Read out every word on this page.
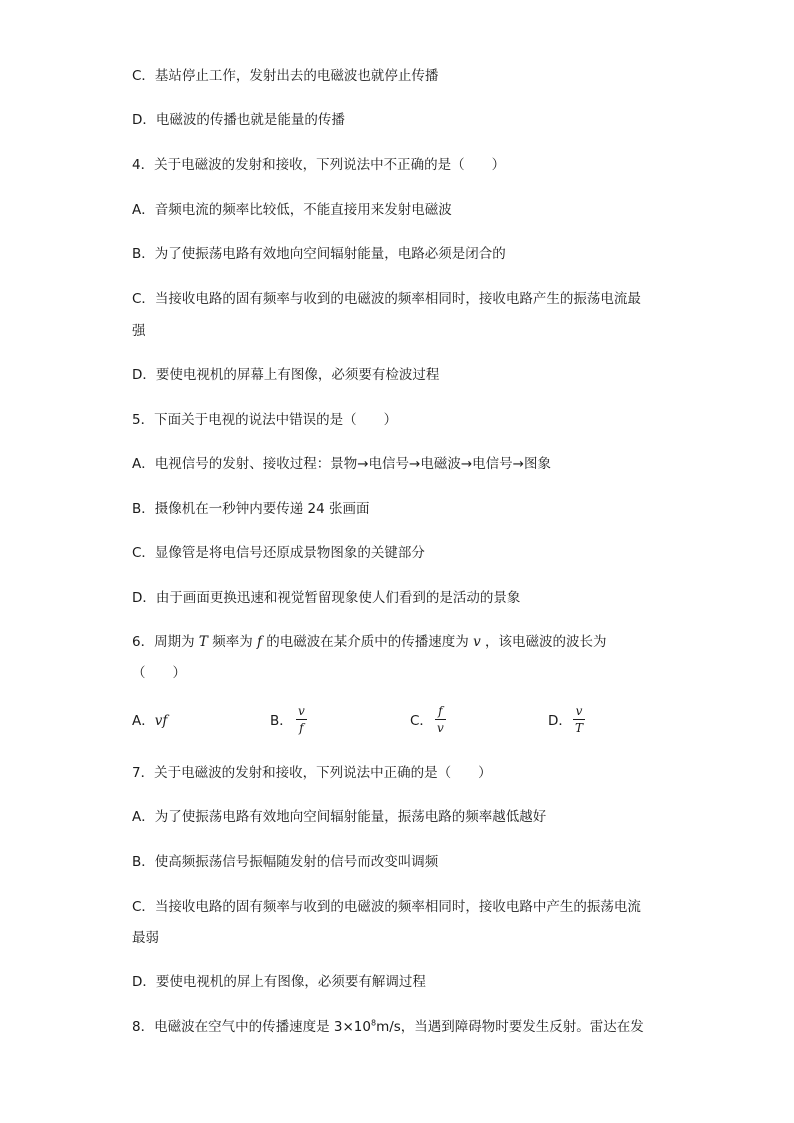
C．基站停止工作，发射出去的电磁波也就停止传播
D．电磁波的传播也就是能量的传播
4．关于电磁波的发射和接收，下列说法中不正确的是（　　）
A．音频电流的频率比较低，不能直接用来发射电磁波
B．为了使振荡电路有效地向空间辐射能量，电路必须是闭合的
C．当接收电路的固有频率与收到的电磁波的频率相同时，接收电路产生的振荡电流最
强
D．要使电视机的屏幕上有图像，必须要有检波过程
5．下面关于电视的说法中错误的是（　　）
A．电视信号的发射、接收过程：景物→电信号→电磁波→电信号→图象
B．摄像机在一秒钟内要传递 24 张画面
C．显像管是将电信号还原成景物图象的关键部分
D．由于画面更换迅速和视觉暂留现象使人们看到的是活动的景象
6．周期为 T 频率为 f 的电磁波在某介质中的传播速度为 v ，该电磁波的波长为
（　　）
A．vf	B．
v
f	C．
f
v	D．
v
T
7．关于电磁波的发射和接收，下列说法中正确的是（　　）
A．为了使振荡电路有效地向空间辐射能量，振荡电路的频率越低越好
B．使高频振荡信号振幅随发射的信号而改变叫调频
C．当接收电路的固有频率与收到的电磁波的频率相同时，接收电路中产生的振荡电流
最弱
D．要使电视机的屏上有图像，必须要有解调过程
8．电磁波在空气中的传播速度是 $3\times 10^8m/s$，当遇到障碍物时要发生反射。雷达在发
